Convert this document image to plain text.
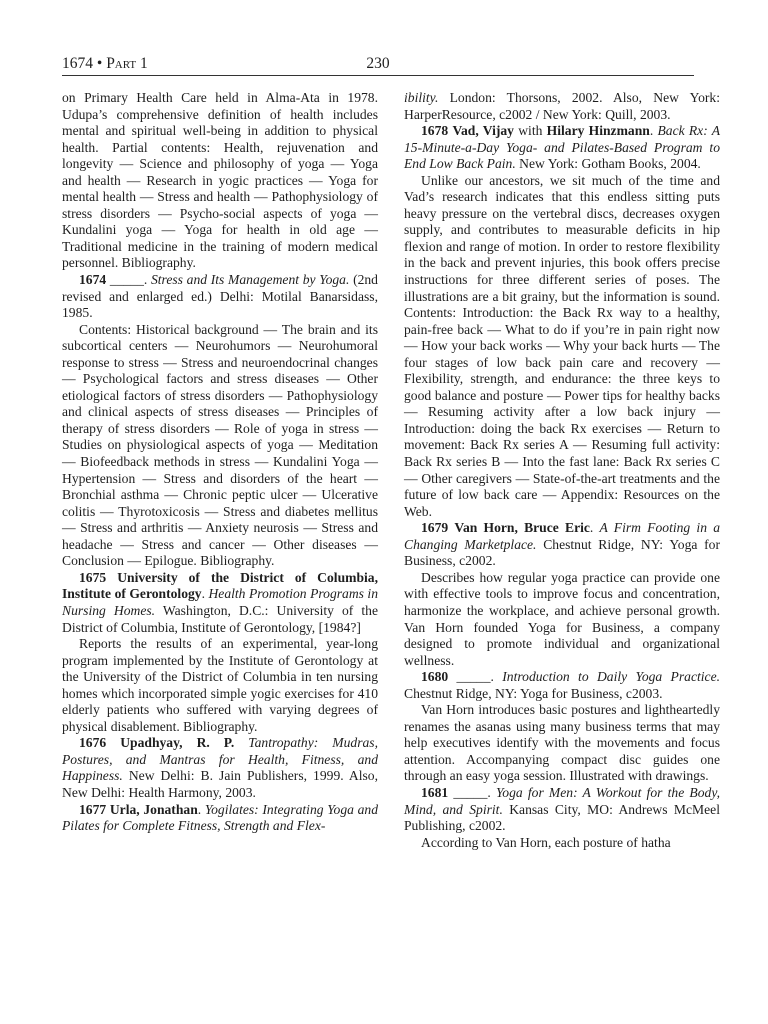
1674 • Part 1	230

on Primary Health Care held in Alma-Ata in 1978. Udupa’s comprehensive definition of health includes mental and spiritual well-being in addition to physical health. Partial contents: Health, rejuvenation and longevity — Science and philosophy of yoga — Yoga and health — Research in yogic practices — Yoga for mental health — Stress and health — Pathophysiology of stress disorders — Psycho-social aspects of yoga — Kundalini yoga — Yoga for health in old age — Traditional medicine in the training of modern medical personnel. Bibliography.

1674 _____. Stress and Its Management by Yoga. (2nd revised and enlarged ed.) Delhi: Motilal Banarsidass, 1985.

Contents: Historical background — The brain and its subcortical centers — Neurohumors — Neurohumoral response to stress — Stress and neuroendocrinal changes — Psychological factors and stress diseases — Other etiological factors of stress disorders — Pathophysiology and clinical aspects of stress diseases — Principles of therapy of stress disorders — Role of yoga in stress — Studies on physiological aspects of yoga — Meditation — Biofeedback methods in stress — Kundalini Yoga — Hypertension — Stress and disorders of the heart — Bronchial asthma — Chronic peptic ulcer — Ulcerative colitis — Thyrotoxicosis — Stress and diabetes mellitus — Stress and arthritis — Anxiety neurosis — Stress and headache — Stress and cancer — Other diseases — Conclusion — Epilogue. Bibliography.

1675 University of the District of Columbia, Institute of Gerontology. Health Promotion Programs in Nursing Homes. Washington, D.C.: University of the District of Columbia, Institute of Gerontology, [1984?]

Reports the results of an experimental, year-long program implemented by the Institute of Gerontology at the University of the District of Columbia in ten nursing homes which incorporated simple yogic exercises for 410 elderly patients who suffered with varying degrees of physical disablement. Bibliography.

1676 Upadhyay, R. P. Tantropathy: Mudras, Postures, and Mantras for Health, Fitness, and Happiness. New Delhi: B. Jain Publishers, 1999. Also, New Delhi: Health Harmony, 2003.

1677 Urla, Jonathan. Yogilates: Integrating Yoga and Pilates for Complete Fitness, Strength and Flex-

ibility. London: Thorsons, 2002. Also, New York: HarperResource, c2002 / New York: Quill, 2003.

1678 Vad, Vijay with Hilary Hinzmann. Back Rx: A 15-Minute-a-Day Yoga- and Pilates-Based Program to End Low Back Pain. New York: Gotham Books, 2004.

Unlike our ancestors, we sit much of the time and Vad’s research indicates that this endless sitting puts heavy pressure on the vertebral discs, decreases oxygen supply, and contributes to measurable deficits in hip flexion and range of motion. In order to restore flexibility in the back and prevent injuries, this book offers precise instructions for three different series of poses. The illustrations are a bit grainy, but the information is sound. Contents: Introduction: the Back Rx way to a healthy, pain-free back — What to do if you’re in pain right now — How your back works — Why your back hurts — The four stages of low back pain care and recovery — Flexibility, strength, and endurance: the three keys to good balance and posture — Power tips for healthy backs — Resuming activity after a low back injury — Introduction: doing the back Rx exercises — Return to movement: Back Rx series A — Resuming full activity: Back Rx series B — Into the fast lane: Back Rx series C — Other caregivers — State-of-the-art treatments and the future of low back care — Appendix: Resources on the Web.

1679 Van Horn, Bruce Eric. A Firm Footing in a Changing Marketplace. Chestnut Ridge, NY: Yoga for Business, c2002.

Describes how regular yoga practice can provide one with effective tools to improve focus and concentration, harmonize the workplace, and achieve personal growth. Van Horn founded Yoga for Business, a company designed to promote individual and organizational wellness.

1680 _____. Introduction to Daily Yoga Practice. Chestnut Ridge, NY: Yoga for Business, c2003.

Van Horn introduces basic postures and lightheartedly renames the asanas using many business terms that may help executives identify with the movements and focus attention. Accompanying compact disc guides one through an easy yoga session. Illustrated with drawings.

1681 _____. Yoga for Men: A Workout for the Body, Mind, and Spirit. Kansas City, MO: Andrews McMeel Publishing, c2002.

According to Van Horn, each posture of hatha
